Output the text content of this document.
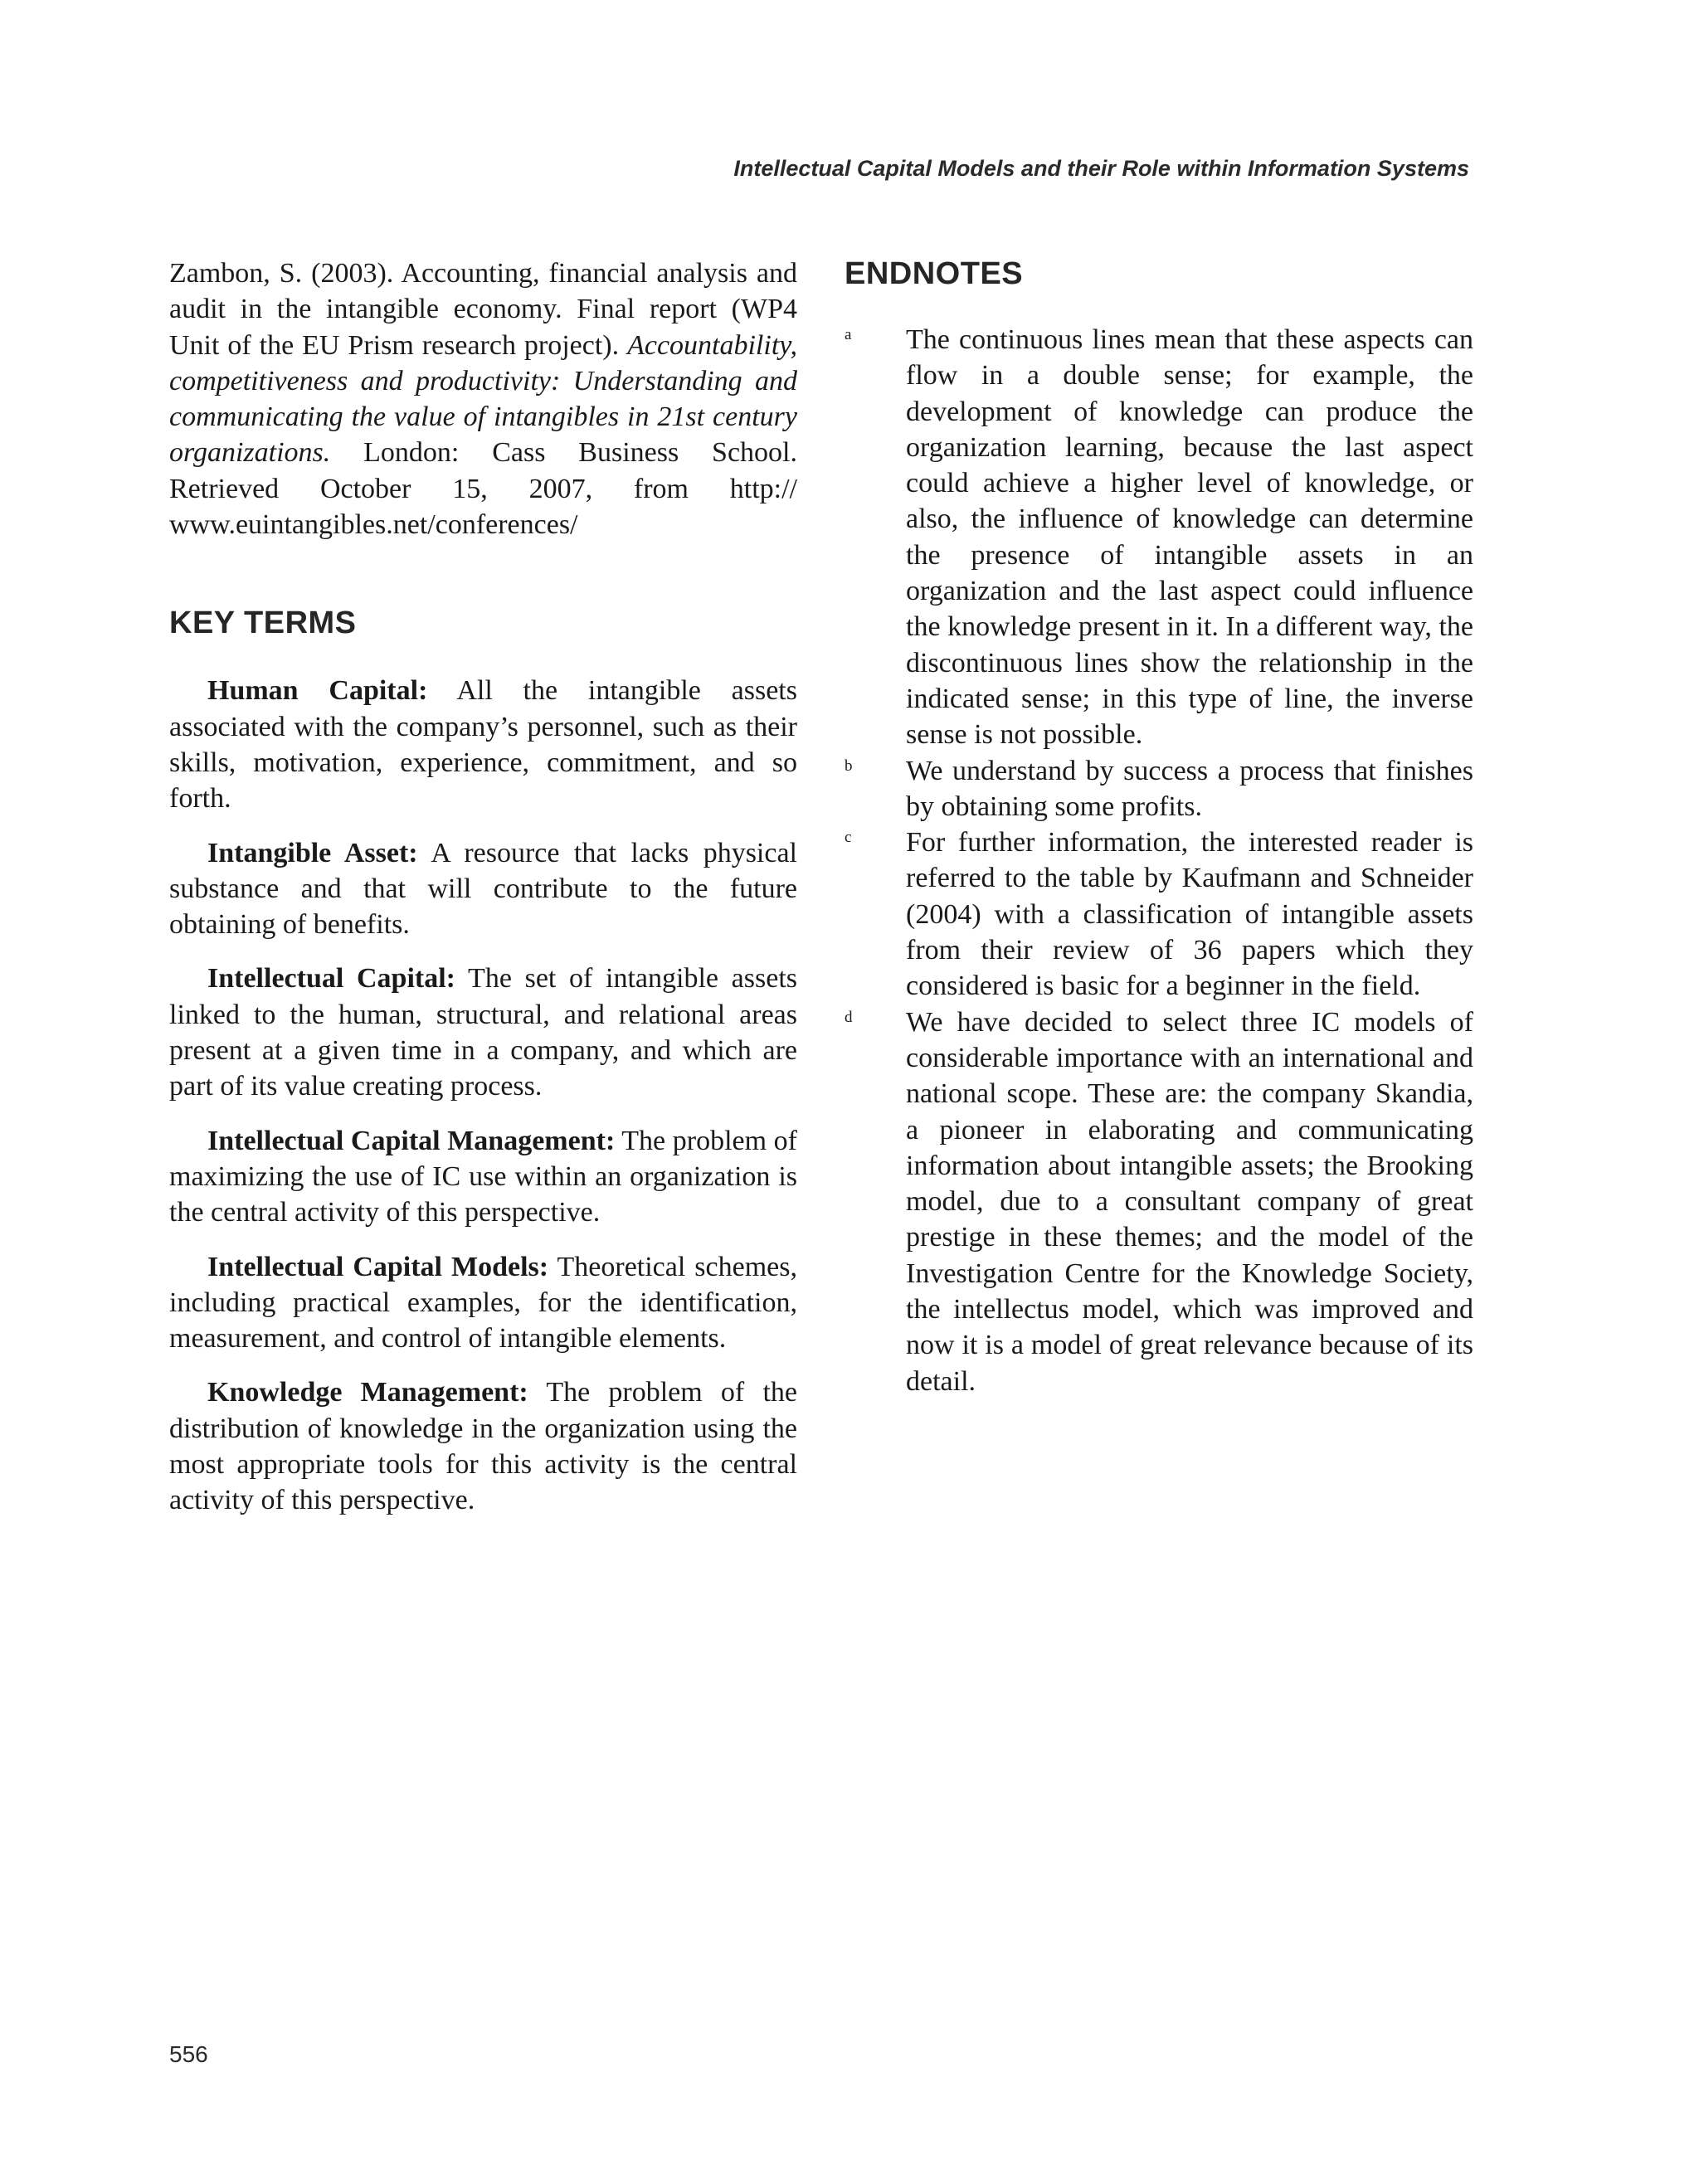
Intellectual Capital Models and their Role within Information Systems

Zambon, S. (2003). Accounting, financial analysis and audit in the intangible economy. Final report (WP4 Unit of the EU Prism research project). Accountability, competitiveness and productivity: Understanding and communicating the value of intangibles in 21st century organizations. London: Cass Business School. Retrieved October 15, 2007, from http:// www.euintangibles.net/conferences/

KEY TERMS

Human Capital: All the intangible assets associated with the company’s personnel, such as their skills, motivation, experience, commitment, and so forth.

Intangible Asset: A resource that lacks physical substance and that will contribute to the future obtaining of benefits.

Intellectual Capital: The set of intangible assets linked to the human, structural, and relational areas present at a given time in a company, and which are part of its value creating process.

Intellectual Capital Management: The problem of maximizing the use of IC use within an organization is the central activity of this perspective.

Intellectual Capital Models: Theoretical schemes, including practical examples, for the identification, measurement, and control of intangible elements.

Knowledge Management: The problem of the distribution of knowledge in the organization using the most appropriate tools for this activity is the central activity of this perspective.

ENDNOTES
a	The continuous lines mean that these aspects can flow in a double sense; for example, the development of knowledge can produce the organization learning, because the last aspect could achieve a higher level of knowledge, or also, the influence of knowledge can determine the presence of intangible assets in an organization and the last aspect could influence the knowledge present in it. In a different way, the discontinuous lines show the relationship in the indicated sense; in this type of line, the inverse sense is not possible.
b	We understand by success a process that finishes by obtaining some profits.
c	For further information, the interested reader is referred to the table by Kaufmann and Schneider (2004) with a classification of intangible assets from their review of 36 papers which they considered is basic for a beginner in the field.
d	We have decided to select three IC models of considerable importance with an international and national scope. These are: the company Skandia, a pioneer in elaborating and communicating information about intangible assets; the Brooking model, due to a consultant company of great prestige in these themes; and the model of the Investigation Centre for the Knowledge Society, the intellectus model, which was improved and now it is a model of great relevance because of its detail.
556
